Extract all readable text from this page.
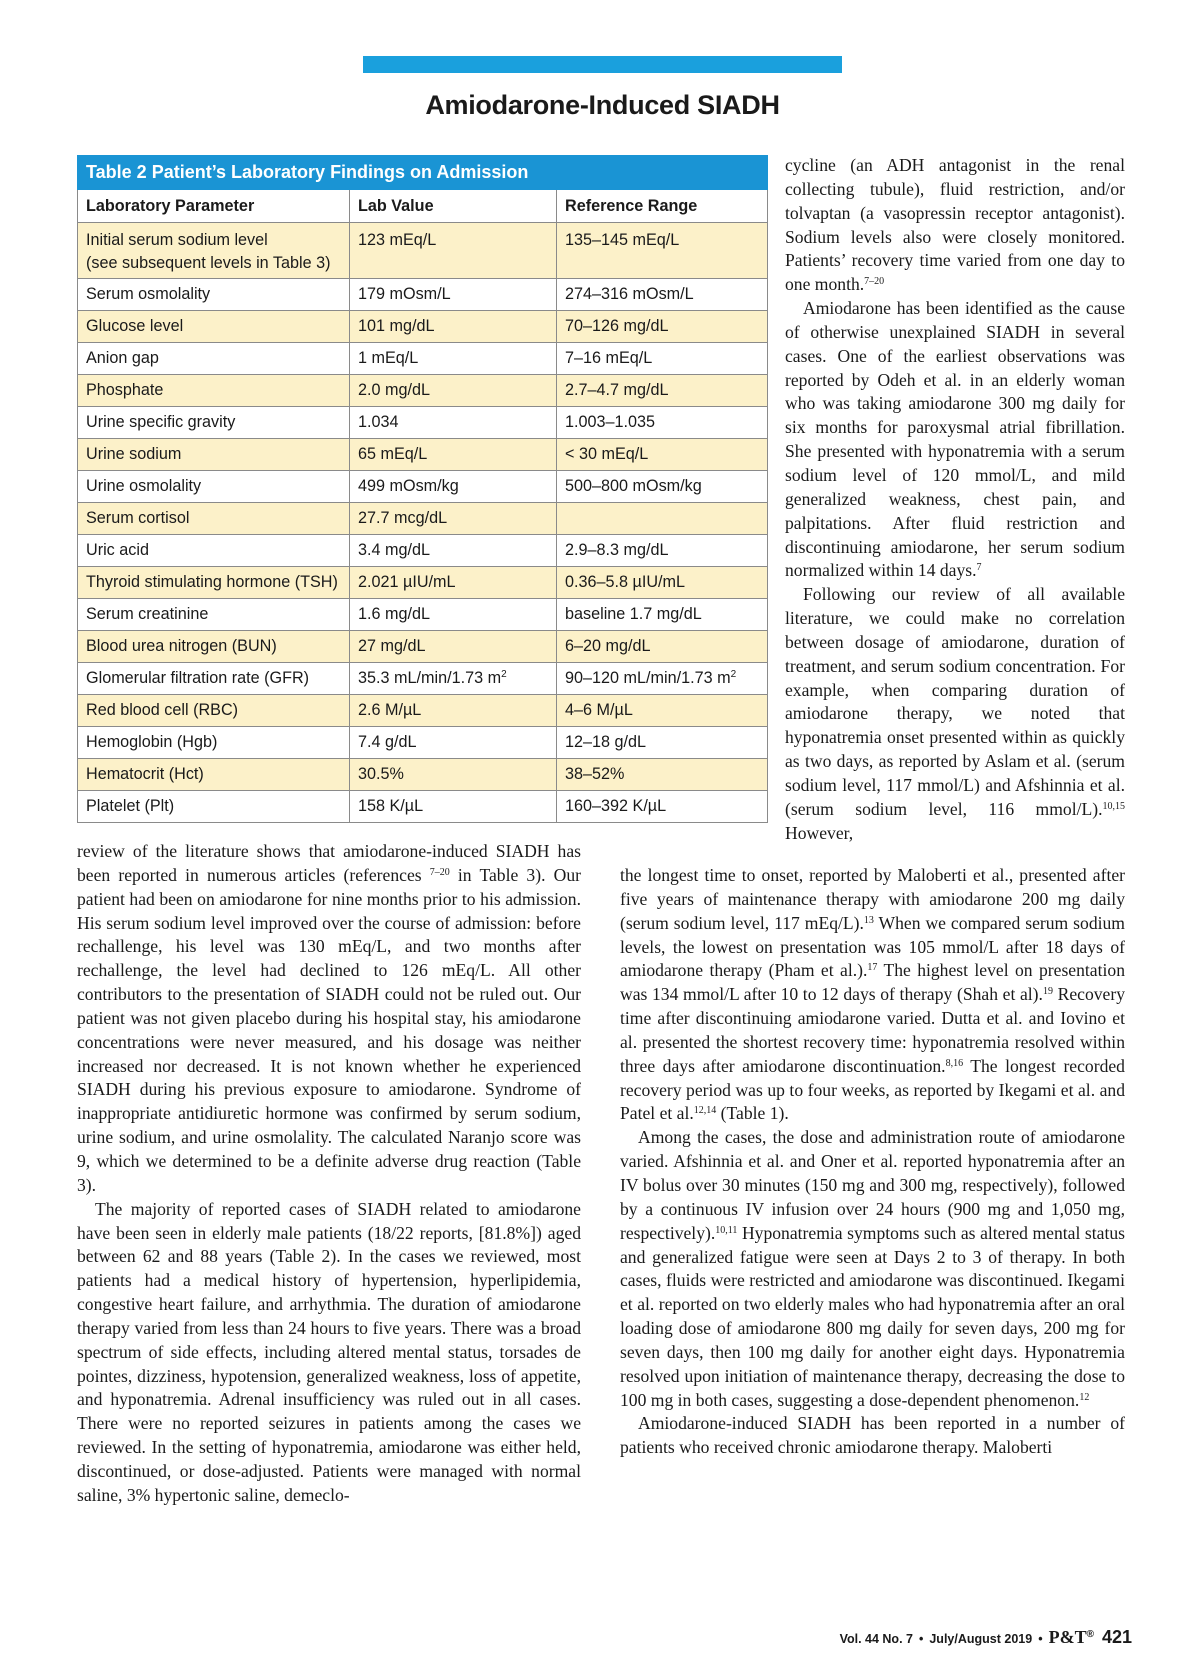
Amiodarone-Induced SIADH
Table 2 Patient’s Laboratory Findings on Admission		
Laboratory Parameter	Lab Value	Reference Range
Initial serum sodium level
(see subsequent levels in Table 3)	123 mEq/L	135–145 mEq/L
Serum osmolality	179 mOsm/L	274–316 mOsm/L
Glucose level	101 mg/dL	70–126 mg/dL
Anion gap	1 mEq/L	7–16 mEq/L
Phosphate	2.0 mg/dL	2.7–4.7 mg/dL
Urine specific gravity	1.034	1.003–1.035
Urine sodium	65 mEq/L	< 30 mEq/L
Urine osmolality	499 mOsm/kg	500–800 mOsm/kg
Serum cortisol	27.7 mcg/dL	
Uric acid	3.4 mg/dL	2.9–8.3 mg/dL
Thyroid stimulating hormone (TSH)	2.021 µIU/mL	0.36–5.8 µIU/mL
Serum creatinine	1.6 mg/dL	baseline 1.7 mg/dL
Blood urea nitrogen (BUN)	27 mg/dL	6–20 mg/dL
Glomerular filtration rate (GFR)	35.3 mL/min/1.73 $m^2$	90–120 mL/min/1.73 $m^2$
Red blood cell (RBC)	2.6 M/µL	4–6 M/µL
Hemoglobin (Hgb)	7.4 g/dL	12–18 g/dL
Hematocrit (Hct)	30.5%	38–52%
Platelet (Plt)	158 K/µL	160–392 K/µL

cycline (an ADH antagonist in the renal collecting tubule), fluid restriction, and/or tolvaptan (a vasopressin receptor antagonist). Sodium levels also were closely monitored. Patients’ recovery time varied from one day to one month.$^{7-20}$

Amiodarone has been identified as the cause of otherwise unexplained SIADH in several cases. One of the earliest observations was reported by Odeh et al. in an elderly woman who was taking amiodarone 300 mg daily for six months for paroxysmal atrial fibrillation. She presented with hyponatremia with a serum sodium level of 120 mmol/L, and mild generalized weakness, chest pain, and palpitations. After fluid restriction and discontinuing amiodarone, her serum sodium normalized within 14 days.$^7$

Following our review of all available literature, we could make no correlation between dosage of amiodarone, duration of treatment, and serum sodium concentration. For example, when comparing duration of amiodarone therapy, we noted that hyponatremia onset presented within as quickly as two days, as reported by Aslam et al. (serum sodium level, 117 mmol/L) and Afshinnia et al. (serum sodium level, 116 mmol/L).$^{10,15}$ However,

review of the literature shows that amiodarone-induced SIADH has been reported in numerous articles (references $^{7-20}$ in Table 3). Our patient had been on amiodarone for nine months prior to his admission. His serum sodium level improved over the course of admission: before rechallenge, his level was 130 mEq/L, and two months after rechallenge, the level had declined to 126 mEq/L. All other contributors to the presentation of SIADH could not be ruled out. Our patient was not given placebo during his hospital stay, his amiodarone concentrations were never measured, and his dosage was neither increased nor decreased. It is not known whether he experienced SIADH during his previous exposure to amiodarone. Syndrome of inappropriate antidiuretic hormone was confirmed by serum sodium, urine sodium, and urine osmolality. The calculated Naranjo score was 9, which we determined to be a definite adverse drug reaction (Table 3).

The majority of reported cases of SIADH related to amiodarone have been seen in elderly male patients (18/22 reports, [81.8%]) aged between 62 and 88 years (Table 2). In the cases we reviewed, most patients had a medical history of hypertension, hyperlipidemia, congestive heart failure, and arrhythmia. The duration of amiodarone therapy varied from less than 24 hours to five years. There was a broad spectrum of side effects, including altered mental status, torsades de pointes, dizziness, hypotension, generalized weakness, loss of appetite, and hyponatremia. Adrenal insufficiency was ruled out in all cases. There were no reported seizures in patients among the cases we reviewed. In the setting of hyponatremia, amiodarone was either held, discontinued, or dose-adjusted. Patients were managed with normal saline, 3% hypertonic saline, demeclo-

the longest time to onset, reported by Maloberti et al., presented after five years of maintenance therapy with amiodarone 200 mg daily (serum sodium level, 117 mEq/L).$^{13}$ When we compared serum sodium levels, the lowest on presentation was 105 mmol/L after 18 days of amiodarone therapy (Pham et al.).$^{17}$ The highest level on presentation was 134 mmol/L after 10 to 12 days of therapy (Shah et al).$^{19}$ Recovery time after discontinuing amiodarone varied. Dutta et al. and Iovino et al. presented the shortest recovery time: hyponatremia resolved within three days after amiodarone discontinuation.$^{8,16}$ The longest recorded recovery period was up to four weeks, as reported by Ikegami et al. and Patel et al.$^{12,14}$ (Table 1).

Among the cases, the dose and administration route of amiodarone varied. Afshinnia et al. and Oner et al. reported hyponatremia after an IV bolus over 30 minutes (150 mg and 300 mg, respectively), followed by a continuous IV infusion over 24 hours (900 mg and 1,050 mg, respectively).$^{10,11}$ Hyponatremia symptoms such as altered mental status and generalized fatigue were seen at Days 2 to 3 of therapy. In both cases, fluids were restricted and amiodarone was discontinued. Ikegami et al. reported on two elderly males who had hyponatremia after an oral loading dose of amiodarone 800 mg daily for seven days, 200 mg for seven days, then 100 mg daily for another eight days. Hyponatremia resolved upon initiation of maintenance therapy, decreasing the dose to 100 mg in both cases, suggesting a dose-dependent phenomenon.$^{12}$

Amiodarone-induced SIADH has been reported in a number of patients who received chronic amiodarone therapy. Maloberti

Vol. 44 No. 7 • July/August 2019 • P&T® 421
